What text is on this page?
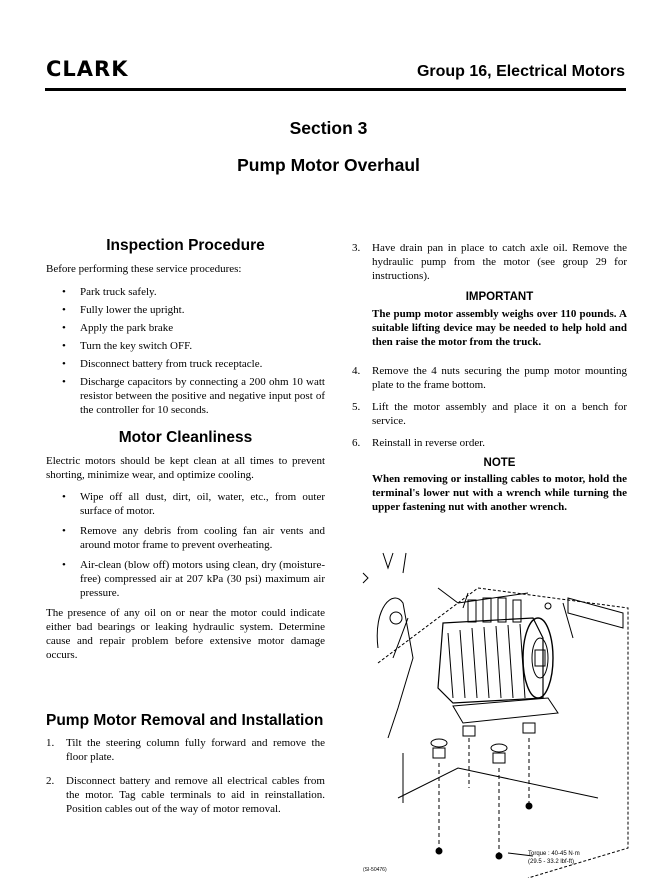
CLARK	Group 16, Electrical Motors
Section 3
Pump Motor Overhaul
Inspection Procedure

Before performing these service procedures:

• Park truck safely.
• Fully lower the upright.
• Apply the park brake
• Turn the key switch OFF.
• Disconnect battery from truck receptacle.
• Discharge capacitors by connecting a 200 ohm 10 watt resistor between the positive and negative input post of the controller for 10 seconds.
Motor Cleanliness

Electric motors should be kept clean at all times to prevent shorting, minimize wear, and optimize cooling.

• Wipe off all dust, dirt, oil, water, etc., from outer surface of motor.
• Remove any debris from cooling fan air vents and around motor frame to prevent overheating.
• Air-clean (blow off) motors using clean, dry (moisture-free) compressed air at 207 kPa (30 psi) maximum air pressure.

The presence of any oil on or near the motor could indicate either bad bearings or leaking hydraulic system. Determine cause and repair problem before extensive motor damage occurs.

Pump Motor Removal and Installation
1. Tilt the steering column fully forward and remove the floor plate.
2. Disconnect battery and remove all electrical cables from the motor. Tag cable terminals to aid in reinstallation. Position cables out of the way of motor removal.
3. Have drain pan in place to catch axle oil. Remove the hydraulic pump from the motor (see group 29 for instructions).
IMPORTANT

The pump motor assembly weighs over 110 pounds. A suitable lifting device may be needed to help hold and then raise the motor from the truck.

4. Remove the 4 nuts securing the pump motor mounting plate to the frame bottom.
5. Lift the motor assembly and place it on a bench for service.
6. Reinstall in reverse order.
NOTE

When removing or installing cables to motor, hold the terminal's lower nut with a wrench while turning the upper fastening nut with another wrench.

Torque : 40-45 N·m
(29.5 - 33.2 lbf-ft)
(SI-50476)
